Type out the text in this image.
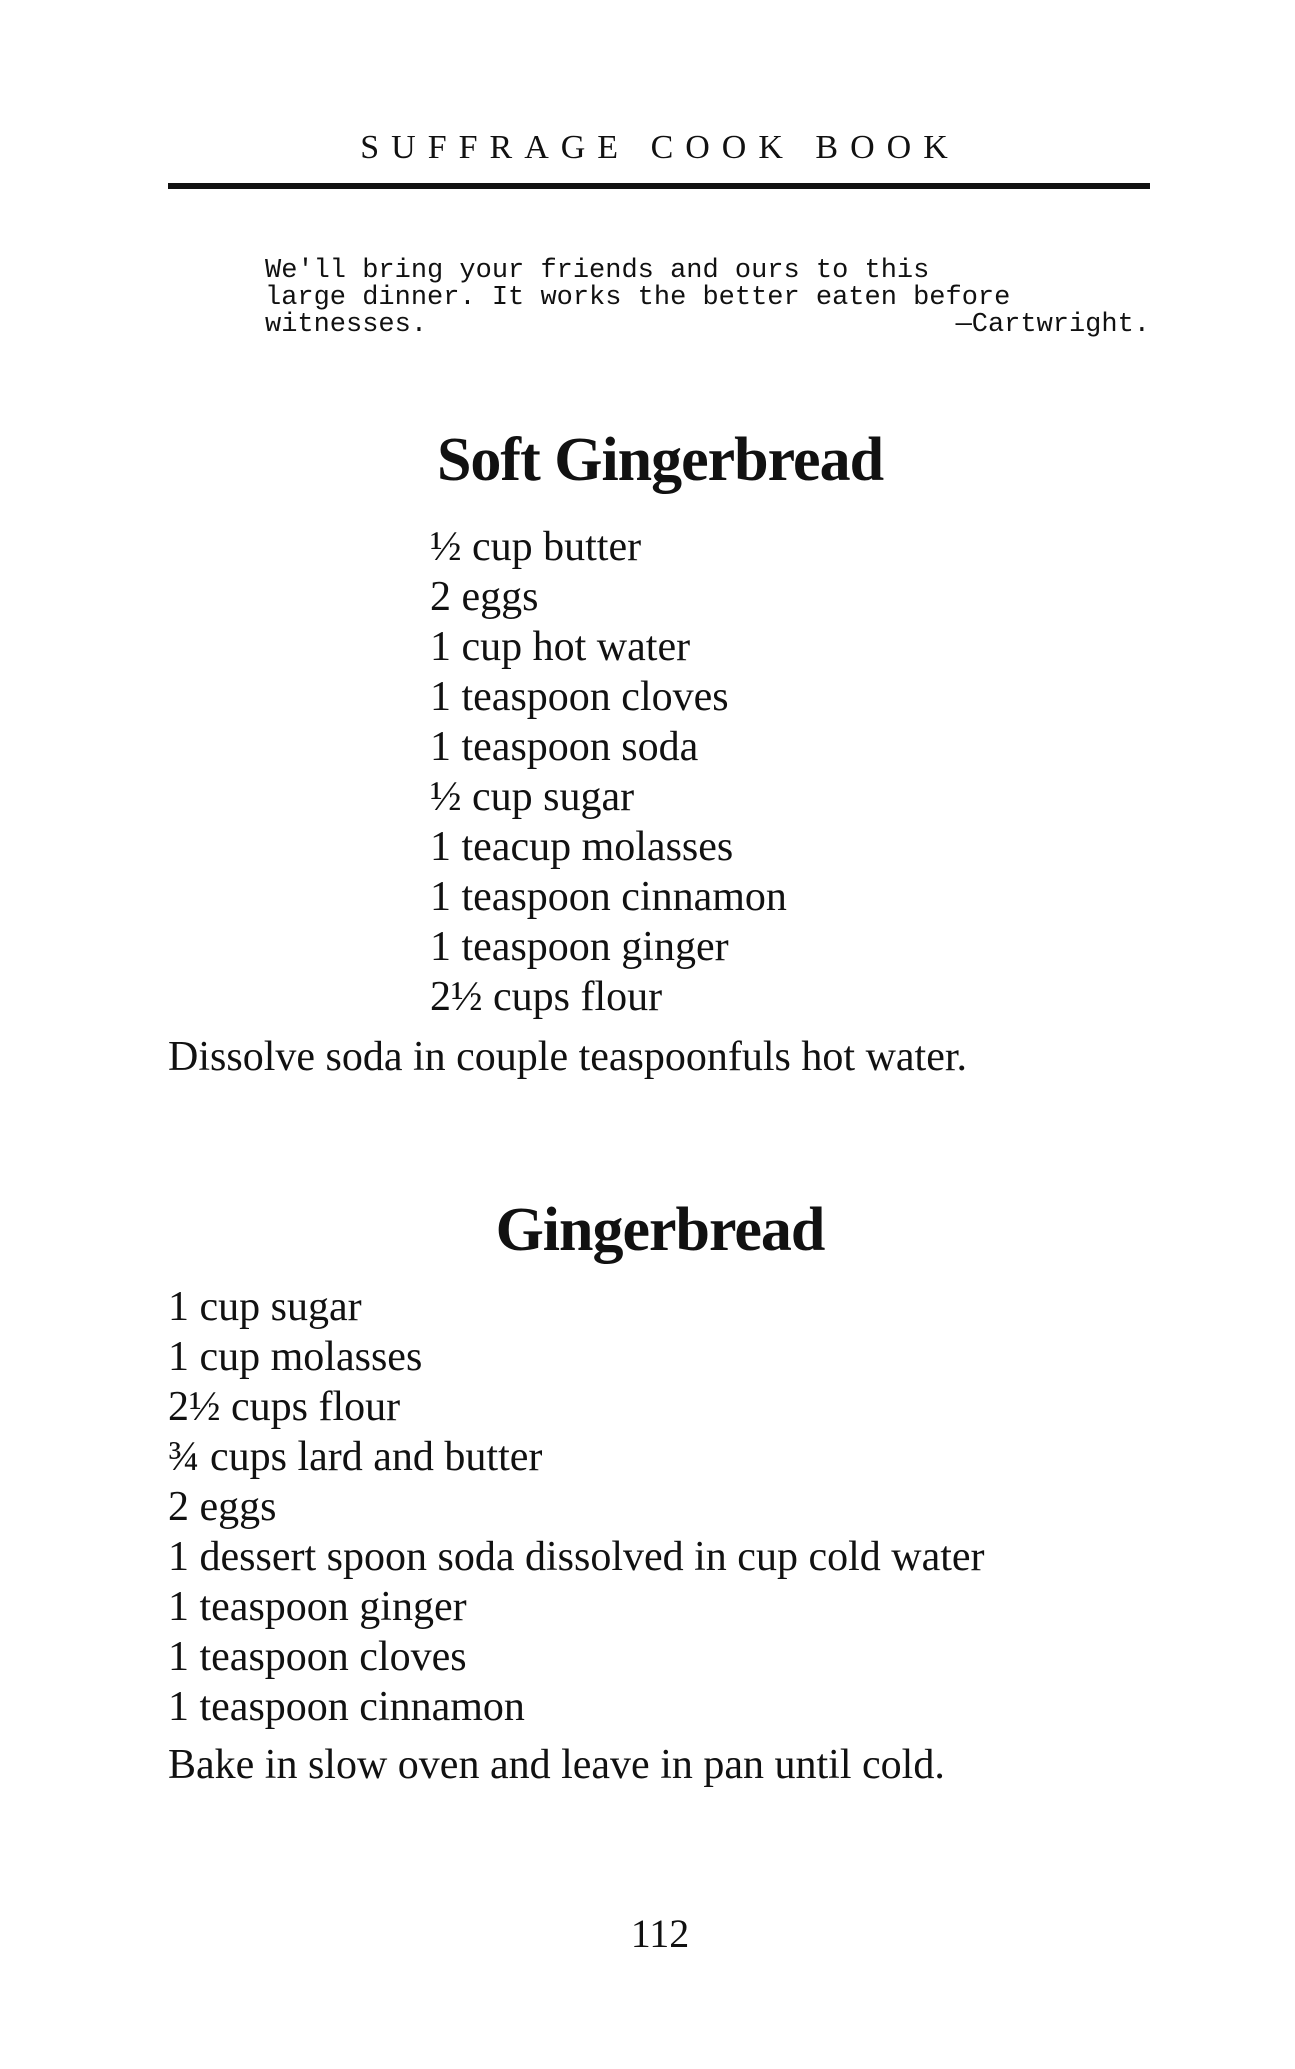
SUFFRAGE COOK BOOK
We'll bring your friends and ours to this
large dinner. It works the better eaten before
witnesses.	—Cartwright.
Soft Gingerbread
½ cup butter
2 eggs
1 cup hot water
1 teaspoon cloves
1 teaspoon soda
½ cup sugar
1 teacup molasses
1 teaspoon cinnamon
1 teaspoon ginger
2½ cups flour
Dissolve soda in couple teaspoonfuls hot water.
Gingerbread
1 cup sugar
1 cup molasses
2½ cups flour
¾ cups lard and butter
2 eggs
1 dessert spoon soda dissolved in cup cold water
1 teaspoon ginger
1 teaspoon cloves
1 teaspoon cinnamon
Bake in slow oven and leave in pan until cold.
112
